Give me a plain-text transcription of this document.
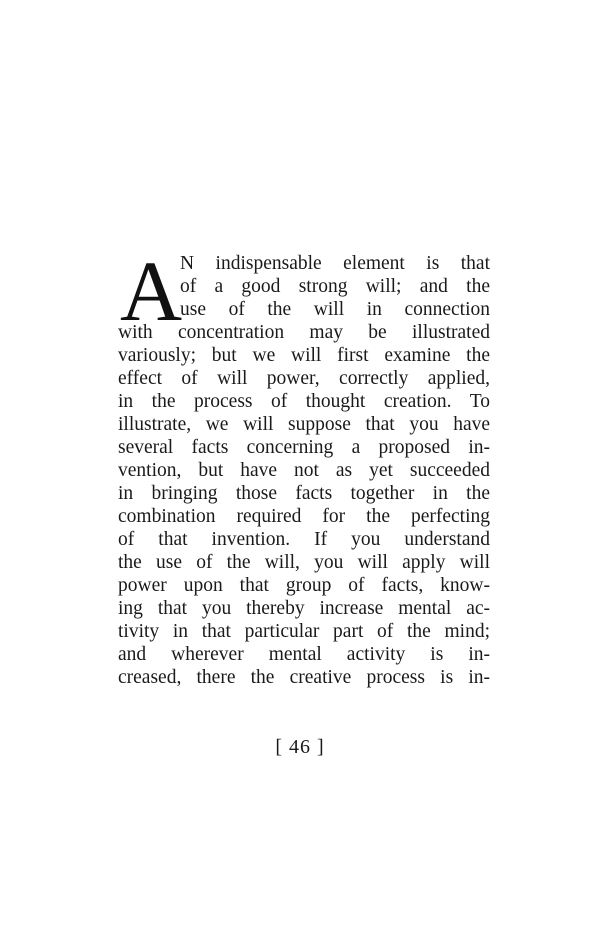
A
N indispensable element is that
of a good strong will; and the
use of the will in connection
with concentration may be illustrated
variously; but we will first examine the
effect of will power, correctly applied,
in the process of thought creation. To
illustrate, we will suppose that you have
several facts concerning a proposed in-
vention, but have not as yet succeeded
in bringing those facts together in the
combination required for the perfecting
of that invention. If you understand
the use of the will, you will apply will
power upon that group of facts, know-
ing that you thereby increase mental ac-
tivity in that particular part of the mind;
and wherever mental activity is in-
creased, there the creative process is in-
[ 46 ]
